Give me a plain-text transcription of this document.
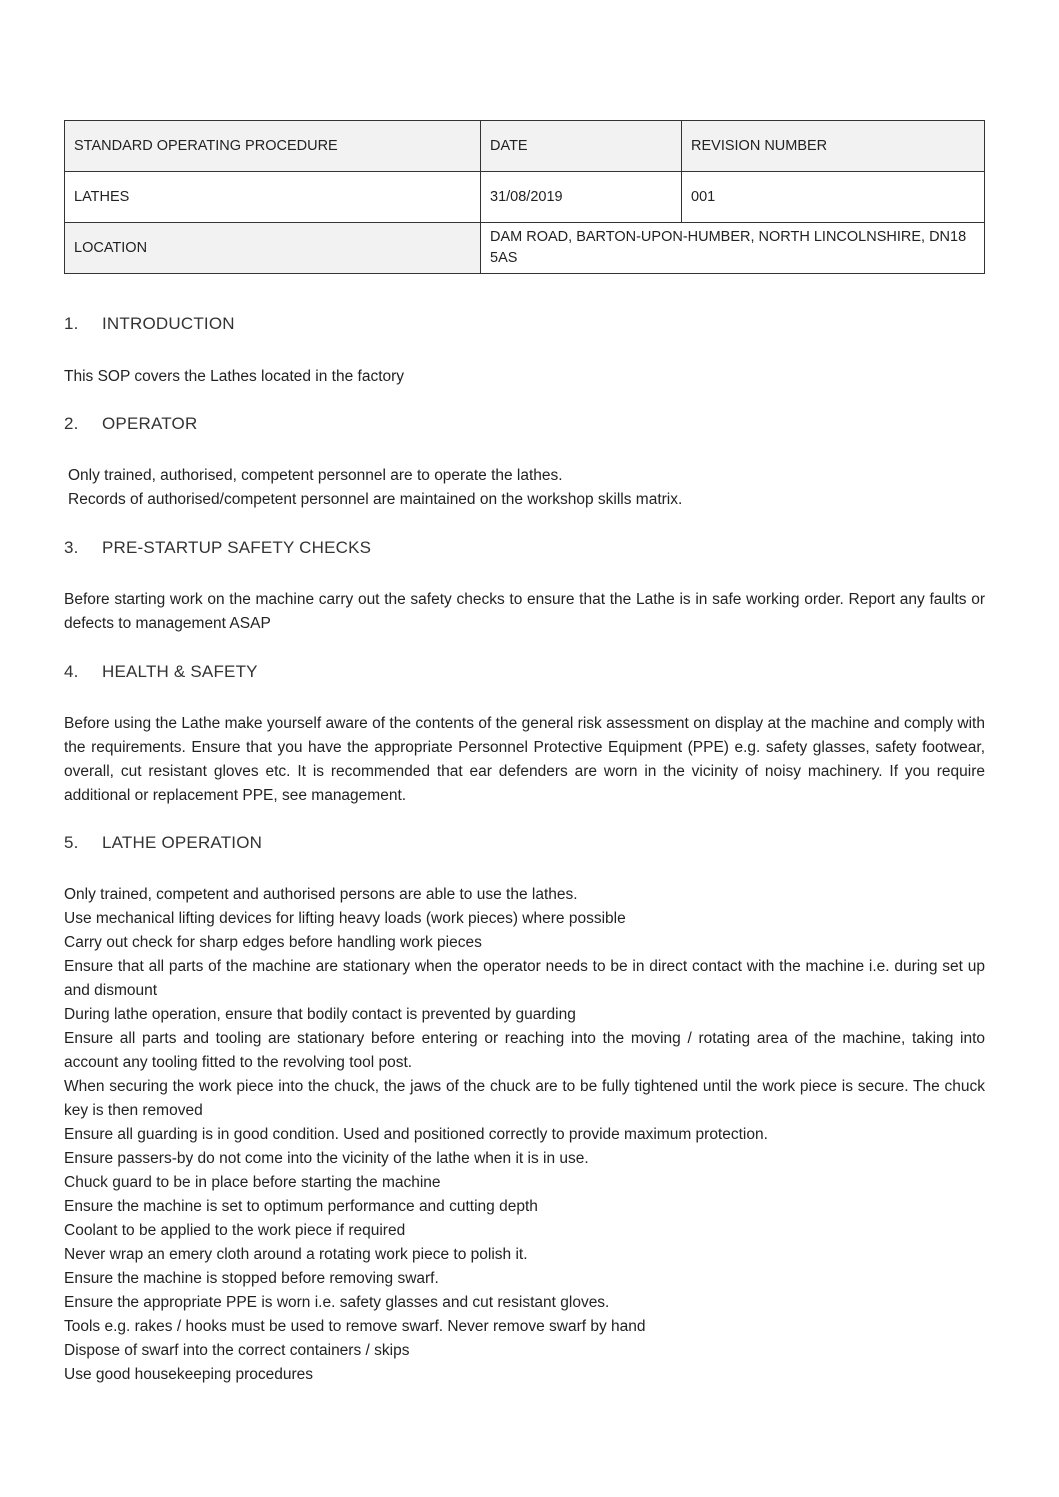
STANDARD OPERATING PROCEDURE	DATE	REVISION NUMBER
LATHES	31/08/2019	001
LOCATION	DAM ROAD, BARTON-UPON-HUMBER, NORTH LINCOLNSHIRE, DN18 5AS	
1. INTRODUCTION
This SOP covers the Lathes located in the factory
2. OPERATOR
Only trained, authorised, competent personnel are to operate the lathes.
Records of authorised/competent personnel are maintained on the workshop skills matrix.
3. PRE-STARTUP SAFETY CHECKS
Before starting work on the machine carry out the safety checks to ensure that the Lathe is in safe working order. Report any faults or defects to management ASAP
4. HEALTH & SAFETY
Before using the Lathe make yourself aware of the contents of the general risk assessment on display at the machine and comply with the requirements. Ensure that you have the appropriate Personnel Protective Equipment (PPE) e.g. safety glasses, safety footwear, overall, cut resistant gloves etc. It is recommended that ear defenders are worn in the vicinity of noisy machinery. If you require additional or replacement PPE, see management.
5. LATHE OPERATION
Only trained, competent and authorised persons are able to use the lathes.
Use mechanical lifting devices for lifting heavy loads (work pieces) where possible
Carry out check for sharp edges before handling work pieces
Ensure that all parts of the machine are stationary when the operator needs to be in direct contact with the machine i.e. during set up and dismount
During lathe operation, ensure that bodily contact is prevented by guarding
Ensure all parts and tooling are stationary before entering or reaching into the moving / rotating area of the machine, taking into account any tooling fitted to the revolving tool post.
When securing the work piece into the chuck, the jaws of the chuck are to be fully tightened until the work piece is secure. The chuck key is then removed
Ensure all guarding is in good condition. Used and positioned correctly to provide maximum protection.
Ensure passers-by do not come into the vicinity of the lathe when it is in use.
Chuck guard to be in place before starting the machine
Ensure the machine is set to optimum performance and cutting depth
Coolant to be applied to the work piece if required
Never wrap an emery cloth around a rotating work piece to polish it.
Ensure the machine is stopped before removing swarf.
Ensure the appropriate PPE is worn i.e. safety glasses and cut resistant gloves.
Tools e.g. rakes / hooks must be used to remove swarf. Never remove swarf by hand
Dispose of swarf into the correct containers / skips
Use good housekeeping procedures
